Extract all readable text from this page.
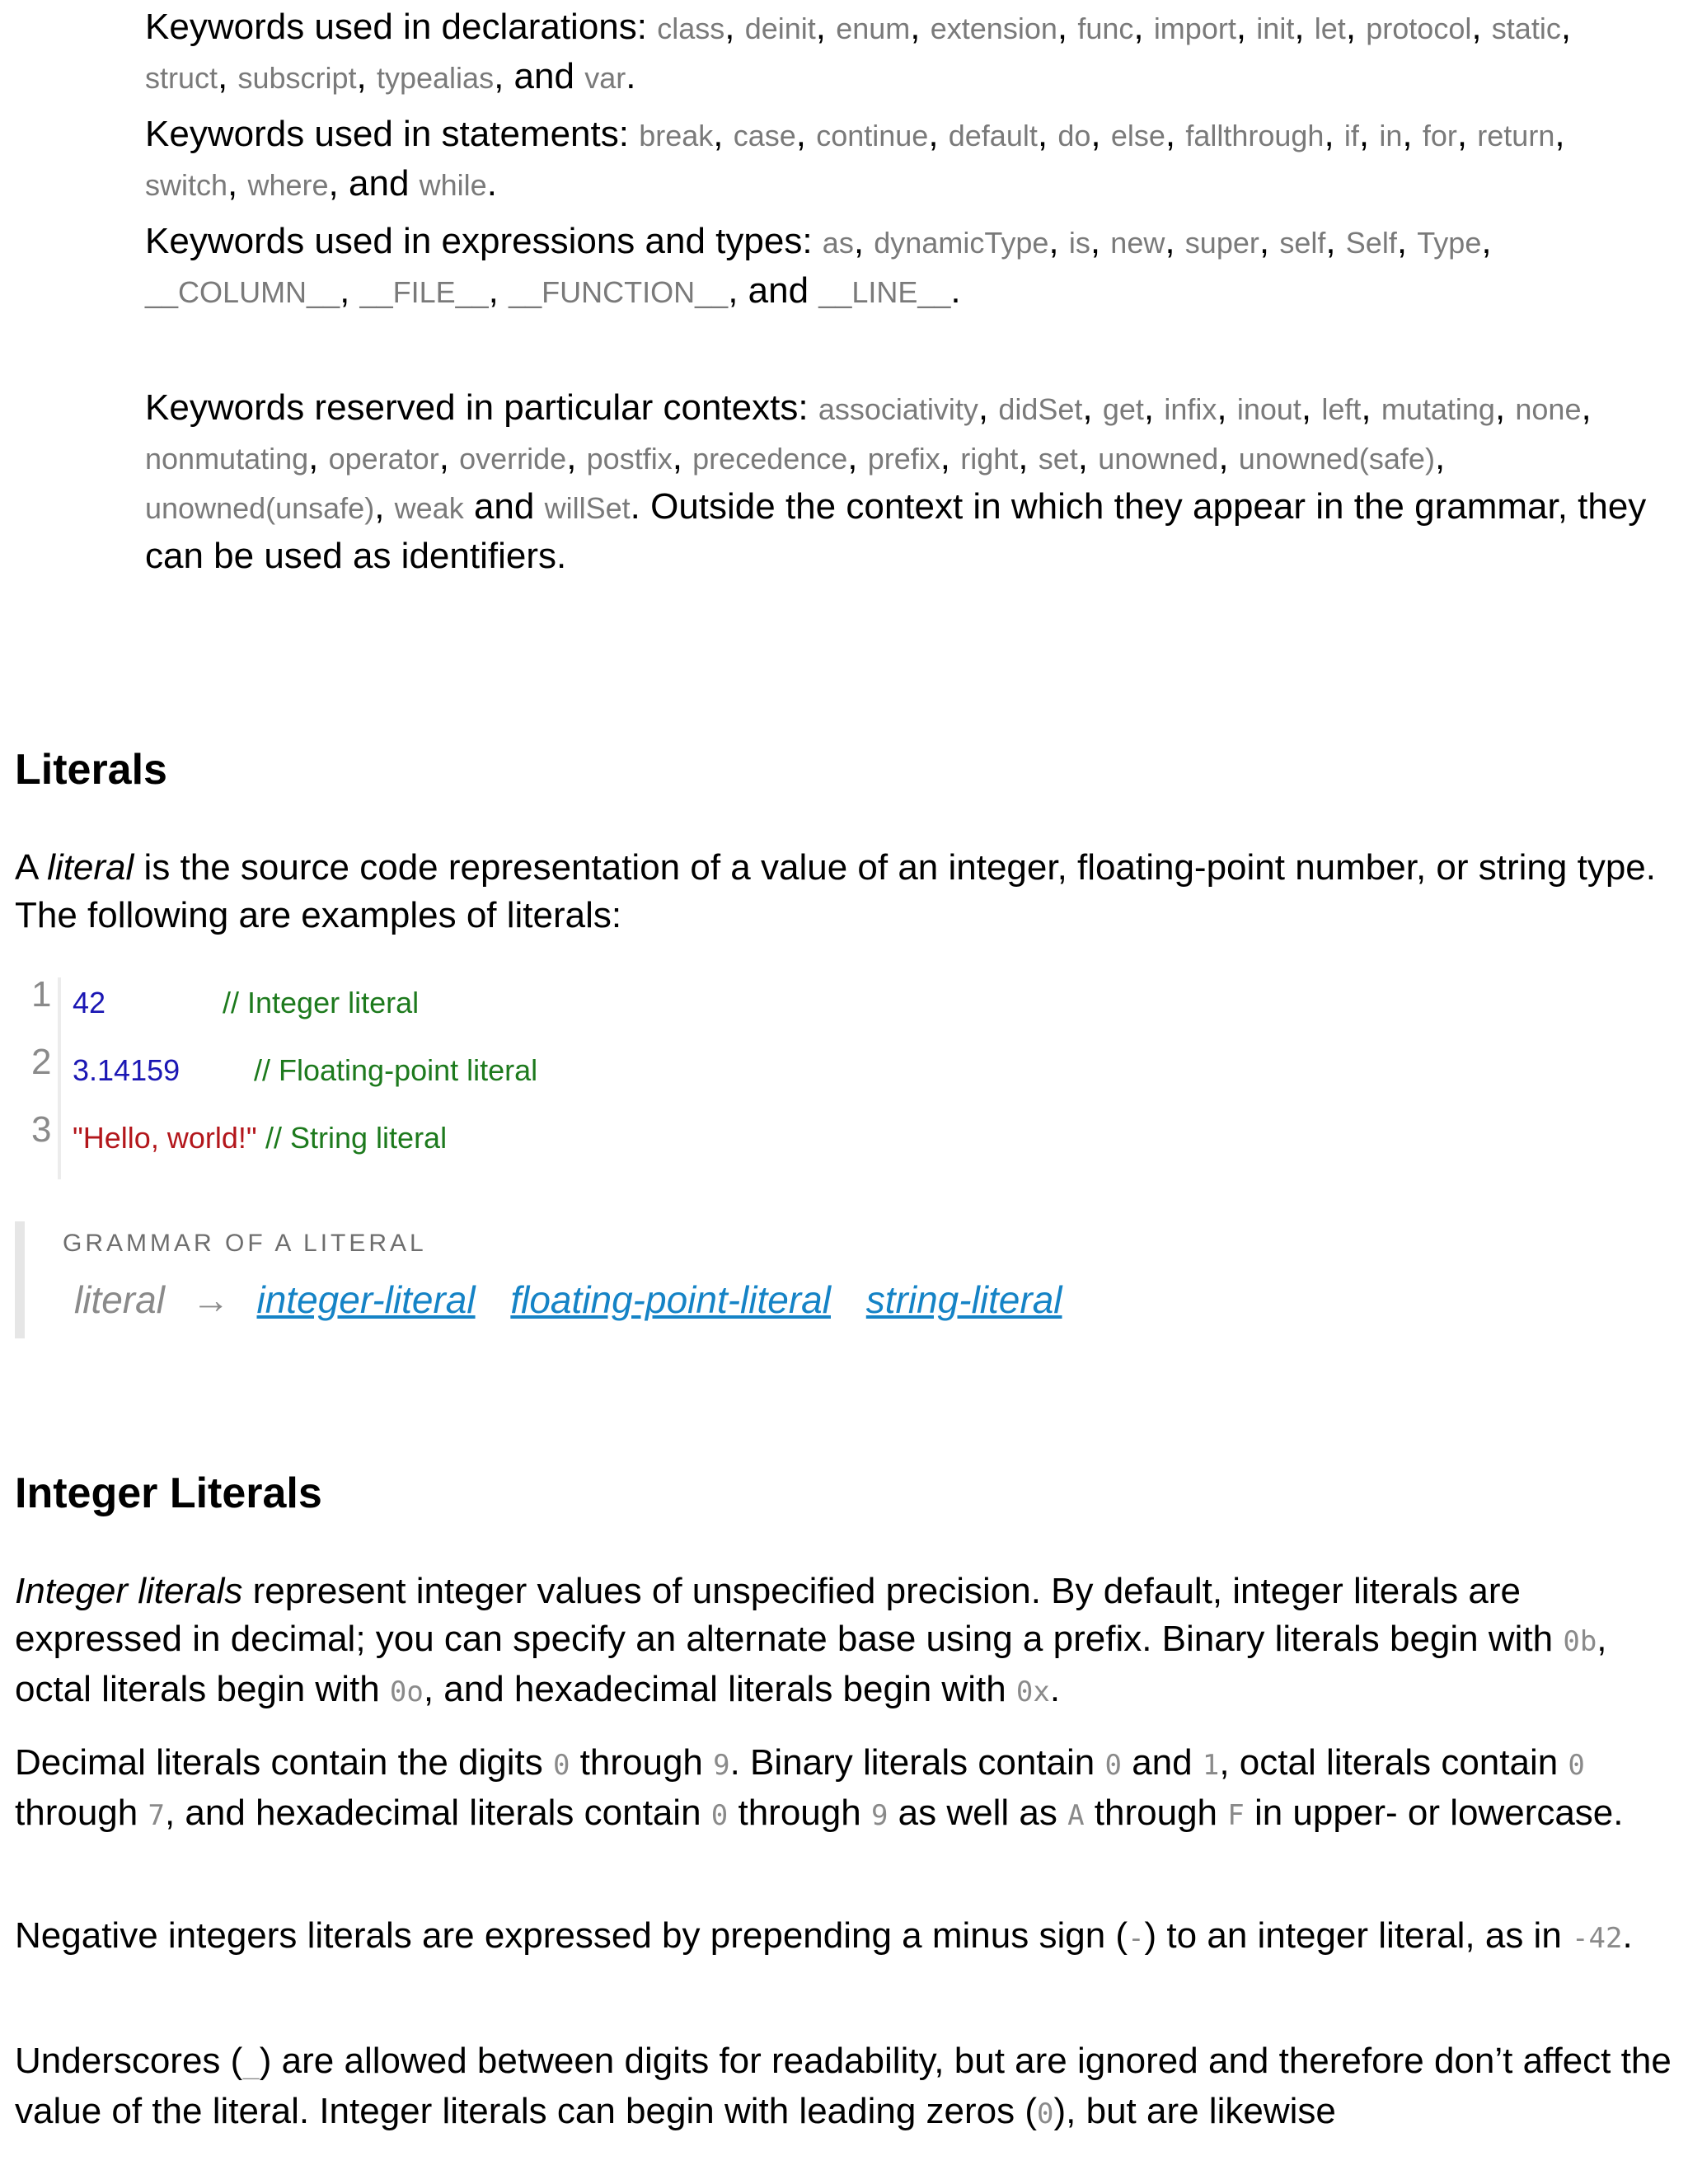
Keywords used in declarations: class, deinit, enum, extension, func, import, init, let, protocol, static, struct, subscript, typealias, and var.
Keywords used in statements: break, case, continue, default, do, else, fallthrough, if, in, for, return, switch, where, and while.
Keywords used in expressions and types: as, dynamicType, is, new, super, self, Self, Type, __COLUMN__, __FILE__, __FUNCTION__, and __LINE__.
Keywords reserved in particular contexts: associativity, didSet, get, infix, inout, left, mutating, none, nonmutating, operator, override, postfix, precedence, prefix, right, set, unowned, unowned(safe), unowned(unsafe), weak and willSet. Outside the context in which they appear in the grammar, they can be used as identifiers.
Literals

A literal is the source code representation of a value of an integer, floating-point number, or string type. The following are examples of literals:

1 42	// Integer literal
2 3.14159 // Floating-point literal
3 "Hello, world!" // String literal
GRAMMAR OF A LITERAL
literal → integer-literal floating-point-literal string-literal
Integer Literals

Integer literals represent integer values of unspecified precision. By default, integer literals are expressed in decimal; you can specify an alternate base using a prefix. Binary literals begin with 0b, octal literals begin with 0o, and hexadecimal literals begin with 0x.

Decimal literals contain the digits 0 through 9. Binary literals contain 0 and 1, octal literals contain 0 through 7, and hexadecimal literals contain 0 through 9 as well as A through F in upper- or lowercase.

Negative integers literals are expressed by prepending a minus sign (-) to an integer literal, as in -42.

Underscores (_) are allowed between digits for readability, but are ignored and therefore don’t affect the value of the literal. Integer literals can begin with leading zeros (0), but are likewise
